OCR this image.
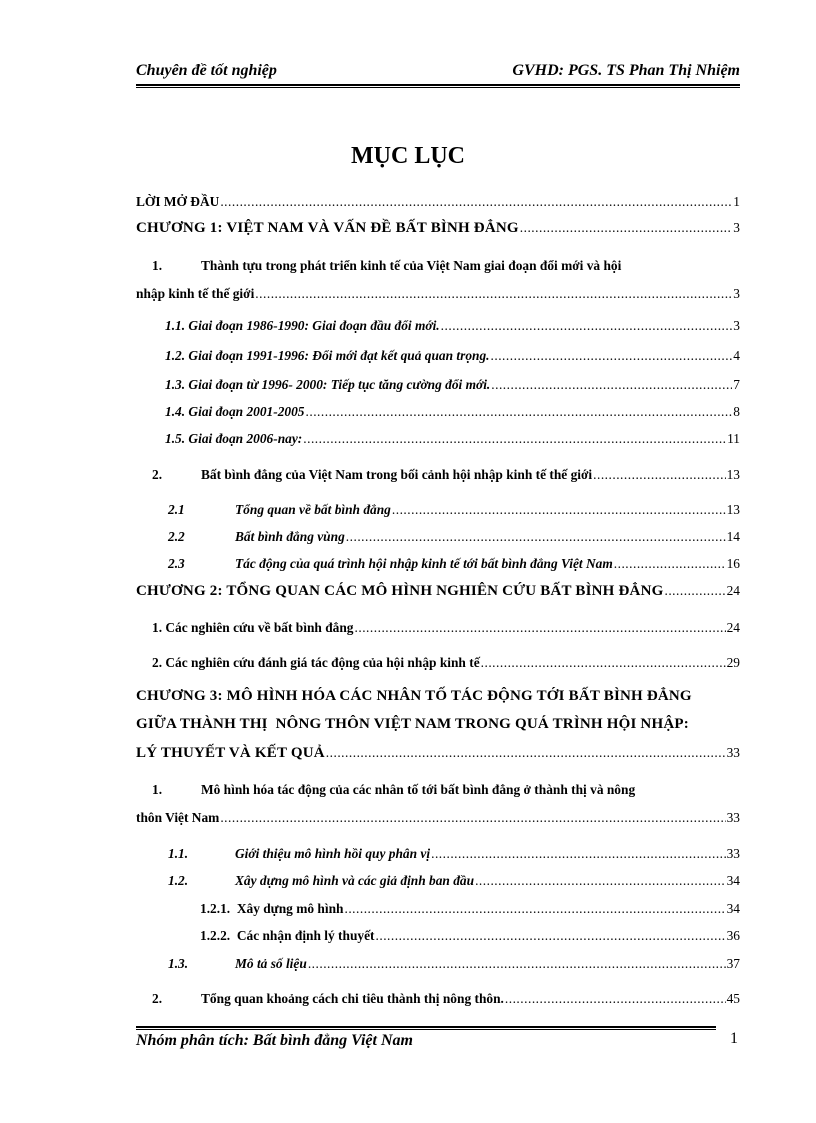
Chuyên đề tốt nghiệp	GVHD: PGS. TS Phan Thị Nhiệm
MỤC LỤC
LỜI MỞ ĐẦU .....	1
CHƯƠNG 1: VIỆT NAM VÀ VẤN ĐỀ BẤT BÌNH ĐẲNG .....	3
1.	Thành tựu trong phát triển kinh tế của Việt Nam giai đoạn đổi mới và hội
nhập kinh tế thế giới .....	3
1.1. Giai đoạn 1986-1990: Giai đoạn đầu đổi mới. .....	3
1.2. Giai đoạn 1991-1996: Đổi mới đạt kết quả quan trọng. .....	4
1.3. Giai đoạn từ 1996- 2000: Tiếp tục tăng cường đổi mới. .....	7
1.4. Giai đoạn 2001-2005 .....	8
1.5. Giai đoạn 2006-nay: .....	11
2.	Bất bình đẳng của Việt Nam trong bối cảnh hội nhập kinh tế thế giới .....	13
2.1	Tổng quan về bất bình đẳng .....	13
2.2	Bất bình đẳng vùng .....	14
2.3	Tác động của quá trình hội nhập kinh tế tới bất bình đẳng Việt Nam .....	16
CHƯƠNG 2: TỔNG QUAN CÁC MÔ HÌNH NGHIÊN CỨU BẤT BÌNH ĐẲNG .....	24
1. Các nghiên cứu về bất bình đẳng .....	24
2. Các nghiên cứu đánh giá tác động của hội nhập kinh tế .....	29
CHƯƠNG 3: MÔ HÌNH HÓA CÁC NHÂN TỐ TÁC ĐỘNG TỚI BẤT BÌNH ĐẲNG
GIỮA THÀNH THỊ  NÔNG THÔN VIỆT NAM TRONG QUÁ TRÌNH HỘI NHẬP:
LÝ THUYẾT VÀ KẾT QUẢ .....	33
1.	Mô hình hóa tác động của các nhân tố tới bất bình đẳng ở thành thị và nông
thôn Việt Nam .....	33
1.1.	Giới thiệu mô hình hồi quy phân vị .....	33
1.2.	Xây dựng mô hình và các giả định ban đầu .....	34
1.2.1.  Xây dựng mô hình .....	34
1.2.2.  Các nhận định lý thuyết .....	36
1.3.	Mô tả số liệu .....	37
2.	Tổng quan khoảng cách chi tiêu thành thị nông thôn. .....	45
Nhóm phân tích: Bất bình đẳng Việt Nam	1
